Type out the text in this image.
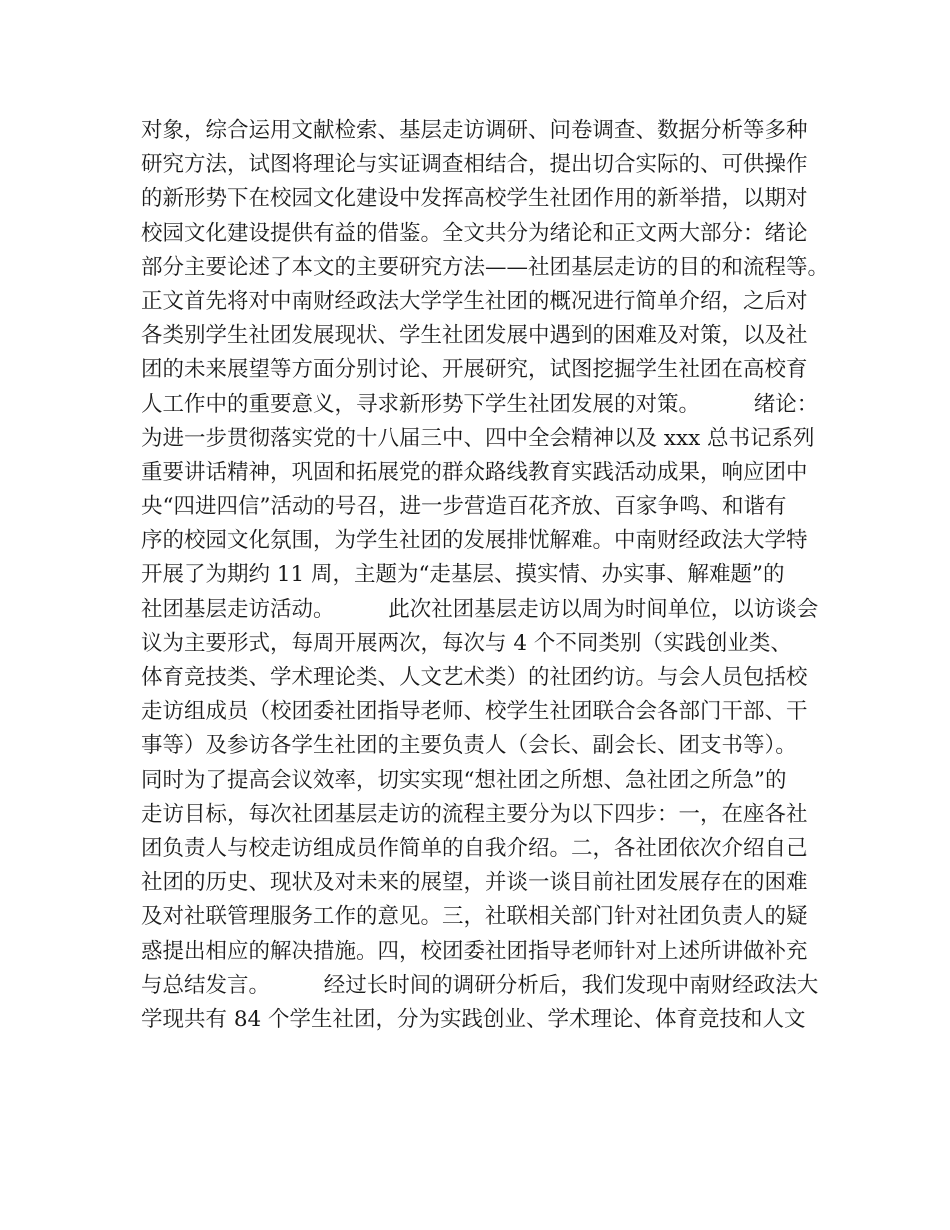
对象，综合运用文献检索、基层走访调研、问卷调查、数据分析等多种
研究方法，试图将理论与实证调查相结合，提出切合实际的、可供操作
的新形势下在校园文化建设中发挥高校学生社团作用的新举措，以期对
校园文化建设提供有益的借鉴。全文共分为绪论和正文两大部分：绪论
部分主要论述了本文的主要研究方法——社团基层走访的目的和流程等。
正文首先将对中南财经政法大学学生社团的概况进行简单介绍，之后对
各类别学生社团发展现状、学生社团发展中遇到的困难及对策，以及社
团的未来展望等方面分别讨论、开展研究，试图挖掘学生社团在高校育
人工作中的重要意义，寻求新形势下学生社团发展的对策。　　　绪论：
为进一步贯彻落实党的十八届三中、四中全会精神以及 xxx 总书记系列
重要讲话精神，巩固和拓展党的群众路线教育实践活动成果，响应团中
央“四进四信”活动的号召，进一步营造百花齐放、百家争鸣、和谐有
序的校园文化氛围，为学生社团的发展排忧解难。中南财经政法大学特
开展了为期约 11 周，主题为“走基层、摸实情、办实事、解难题”的
社团基层走访活动。　　　此次社团基层走访以周为时间单位，以访谈会
议为主要形式，每周开展两次，每次与 4 个不同类别（实践创业类、
体育竞技类、学术理论类、人文艺术类）的社团约访。与会人员包括校
走访组成员（校团委社团指导老师、校学生社团联合会各部门干部、干
事等）及参访各学生社团的主要负责人（会长、副会长、团支书等）。
同时为了提高会议效率，切实实现“想社团之所想、急社团之所急”的
走访目标，每次社团基层走访的流程主要分为以下四步：一，在座各社
团负责人与校走访组成员作简单的自我介绍。二，各社团依次介绍自己
社团的历史、现状及对未来的展望，并谈一谈目前社团发展存在的困难
及对社联管理服务工作的意见。三，社联相关部门针对社团负责人的疑
惑提出相应的解决措施。四，校团委社团指导老师针对上述所讲做补充
与总结发言。　　　经过长时间的调研分析后，我们发现中南财经政法大
学现共有 84 个学生社团，分为实践创业、学术理论、体育竞技和人文
